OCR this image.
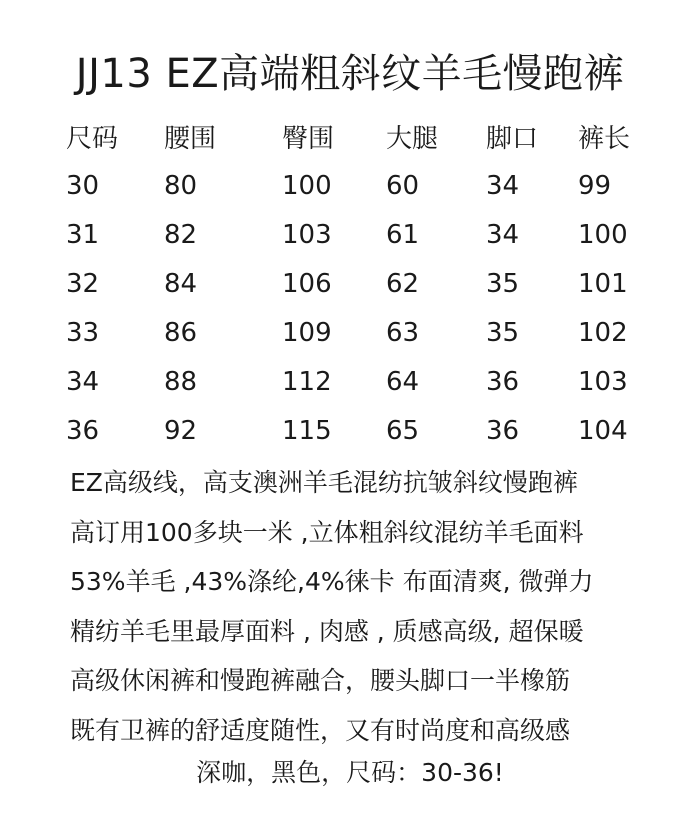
JJ13 EZ高端粗斜纹羊毛慢跑裤
尺码	腰围	臀围	大腿	脚口	裤长
30	80	100	60	34	99
31	82	103	61	34	100
32	84	106	62	35	101
33	86	109	63	35	102
34	88	112	64	36	103
36	92	115	65	36	104
EZ高级线，高支澳洲羊毛混纺抗皱斜纹慢跑裤
高订用100多块一米 ,立体粗斜纹混纺羊毛面料
53%羊毛 ,43%涤纶,4%徕卡 布面清爽, 微弹力
精纺羊毛里最厚面料 , 肉感 , 质感高级, 超保暖
高级休闲裤和慢跑裤融合，腰头脚口一半橡筋
既有卫裤的舒适度随性，又有时尚度和高级感
深咖，黑色，尺码：30-36!
